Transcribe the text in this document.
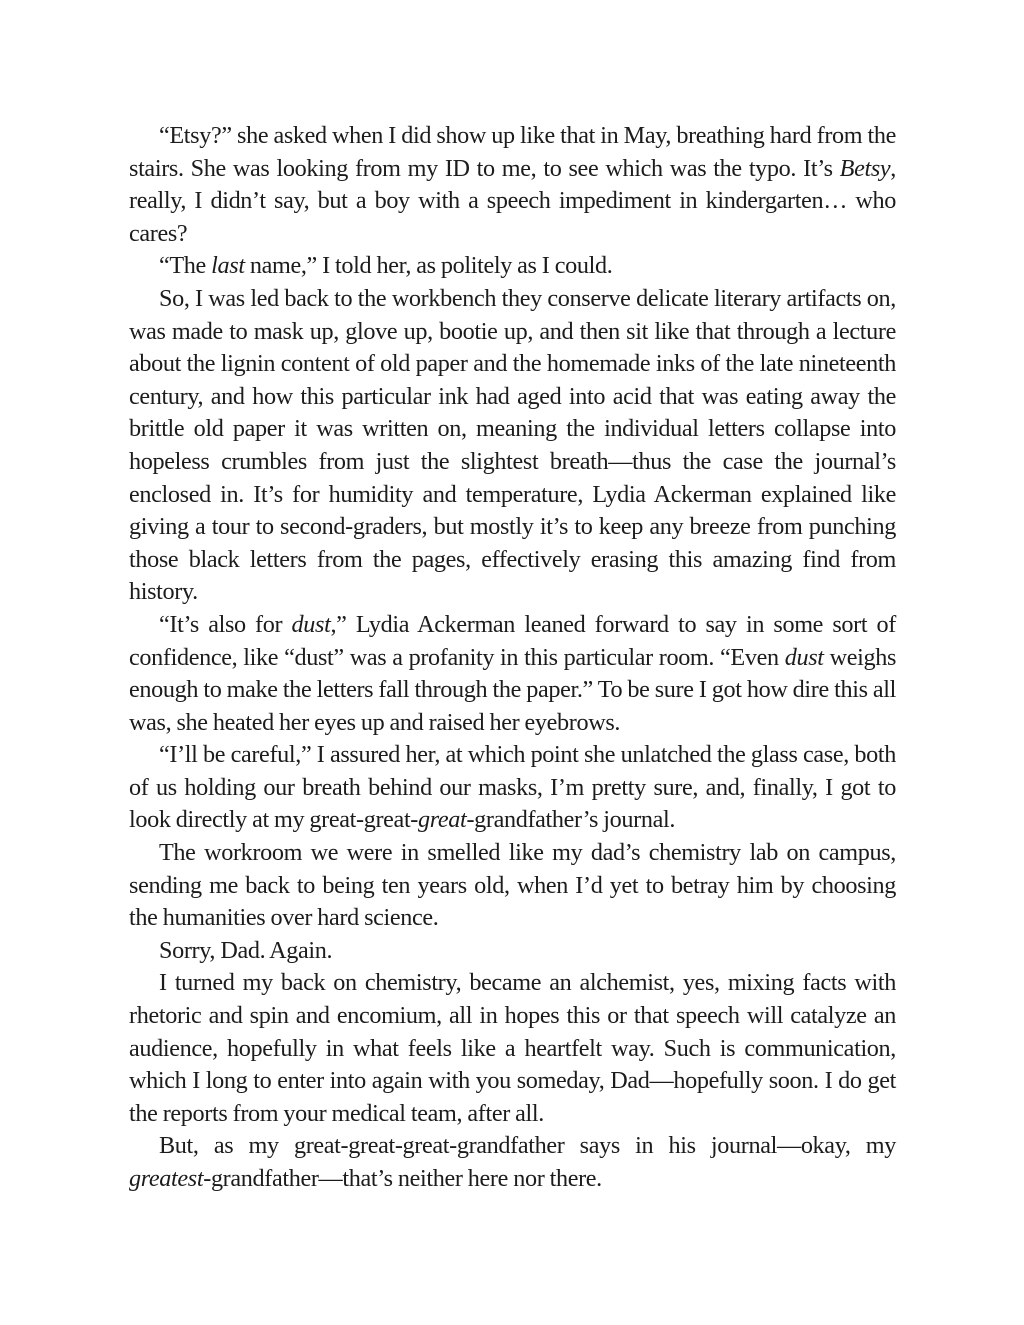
“Etsy?” she asked when I did show up like that in May, breathing hard from the stairs. She was looking from my ID to me, to see which was the typo. It’s Betsy, really, I didn’t say, but a boy with a speech impediment in kindergarten… who cares?

“The last name,” I told her, as politely as I could.

So, I was led back to the workbench they conserve delicate literary artifacts on, was made to mask up, glove up, bootie up, and then sit like that through a lecture about the lignin content of old paper and the homemade inks of the late nineteenth century, and how this particular ink had aged into acid that was eating away the brittle old paper it was written on, meaning the individual letters collapse into hopeless crumbles from just the slightest breath—thus the case the journal’s enclosed in. It’s for humidity and temperature, Lydia Ackerman explained like giving a tour to second-graders, but mostly it’s to keep any breeze from punching those black letters from the pages, effectively erasing this amazing find from history.

“It’s also for dust,” Lydia Ackerman leaned forward to say in some sort of confidence, like “dust” was a profanity in this particular room. “Even dust weighs enough to make the letters fall through the paper.” To be sure I got how dire this all was, she heated her eyes up and raised her eyebrows.

“I’ll be careful,” I assured her, at which point she unlatched the glass case, both of us holding our breath behind our masks, I’m pretty sure, and, finally, I got to look directly at my great-great-great-grandfather’s journal.

The workroom we were in smelled like my dad’s chemistry lab on campus, sending me back to being ten years old, when I’d yet to betray him by choosing the humanities over hard science.

Sorry, Dad. Again.

I turned my back on chemistry, became an alchemist, yes, mixing facts with rhetoric and spin and encomium, all in hopes this or that speech will catalyze an audience, hopefully in what feels like a heartfelt way. Such is communication, which I long to enter into again with you someday, Dad—hopefully soon. I do get the reports from your medical team, after all.

But, as my great-great-great-grandfather says in his journal—okay, my greatest-grandfather—that’s neither here nor there.
